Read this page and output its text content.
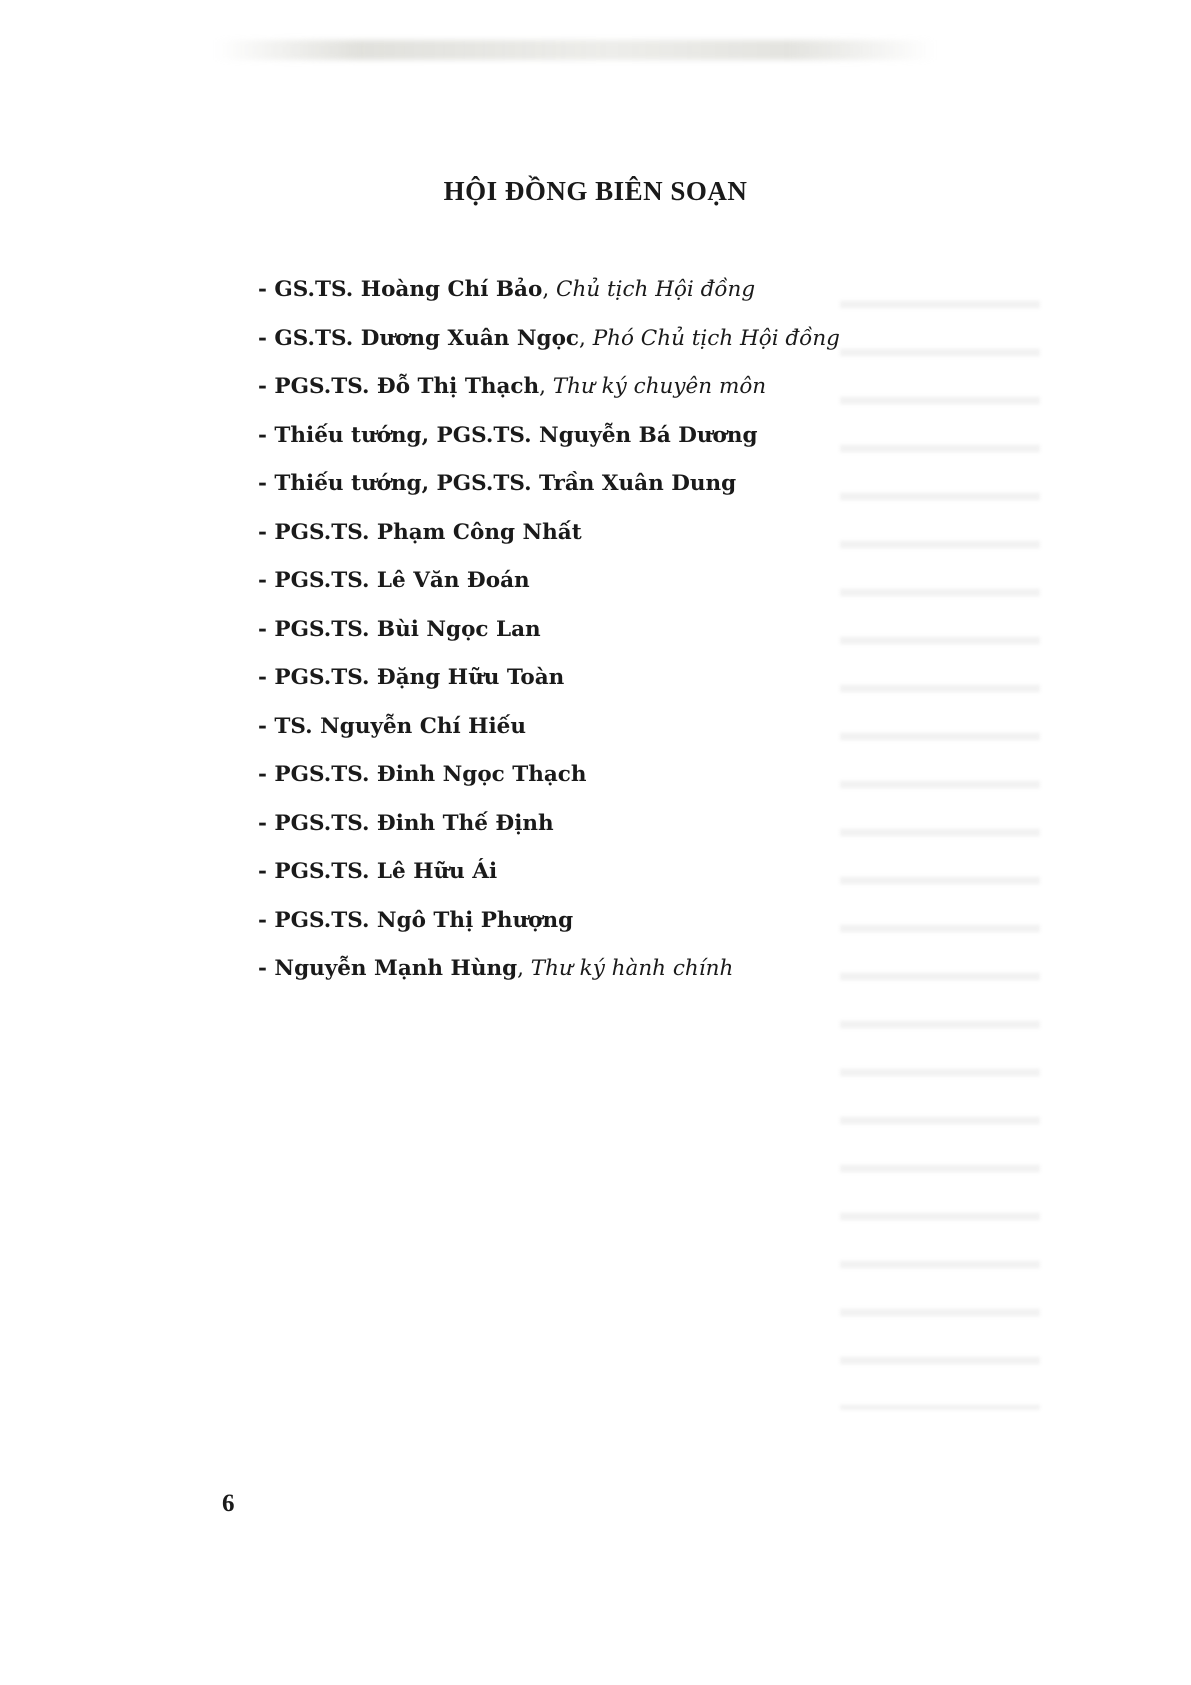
HỘI ĐỒNG BIÊN SOẠN
- GS.TS. Hoàng Chí Bảo, Chủ tịch Hội đồng
- GS.TS. Dương Xuân Ngọc, Phó Chủ tịch Hội đồng
- PGS.TS. Đỗ Thị Thạch, Thư ký chuyên môn
- Thiếu tướng, PGS.TS. Nguyễn Bá Dương
- Thiếu tướng, PGS.TS. Trần Xuân Dung
- PGS.TS. Phạm Công Nhất
- PGS.TS. Lê Văn Đoán
- PGS.TS. Bùi Ngọc Lan
- PGS.TS. Đặng Hữu Toàn
- TS. Nguyễn Chí Hiếu
- PGS.TS. Đinh Ngọc Thạch
- PGS.TS. Đinh Thế Định
- PGS.TS. Lê Hữu Ái
- PGS.TS. Ngô Thị Phượng
- Nguyễn Mạnh Hùng, Thư ký hành chính
6
